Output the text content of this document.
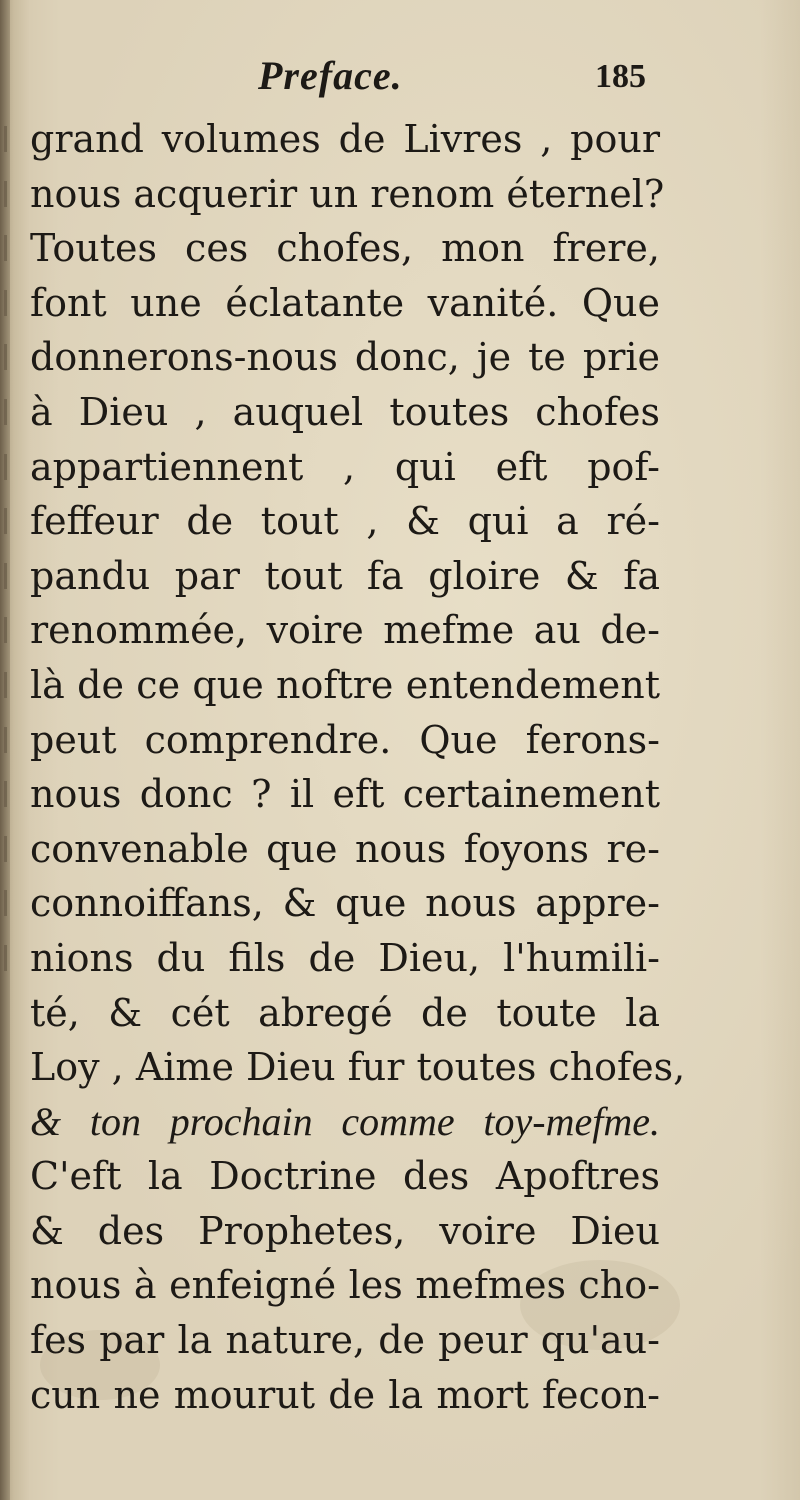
Preface.	185
grand volumes de Livres , pour
nous acquerir un renom éternel?
Toutes ces chofes, mon frere,
font une éclatante vanité. Que
donnerons-nous donc, je te prie
à Dieu , auquel toutes chofes
appartiennent , qui eft pof-
feffeur de tout , & qui a ré-
pandu par tout fa gloire & fa
renommée, voire mefme au de-
là de ce que noftre entendement
peut comprendre. Que ferons-
nous donc ? il eft certainement
convenable que nous foyons re-
connoiffans, & que nous appre-
nions du fils de Dieu, l'humili-
té, & cét abregé de toute la
Loy , Aime Dieu fur toutes chofes,
& ton prochain comme toy-mefme.
C'eft la Doctrine des Apoftres
& des Prophetes, voire Dieu
nous à enfeigné les mefmes cho-
fes par la nature, de peur qu'au-
cun ne mourut de la mort fecon-
